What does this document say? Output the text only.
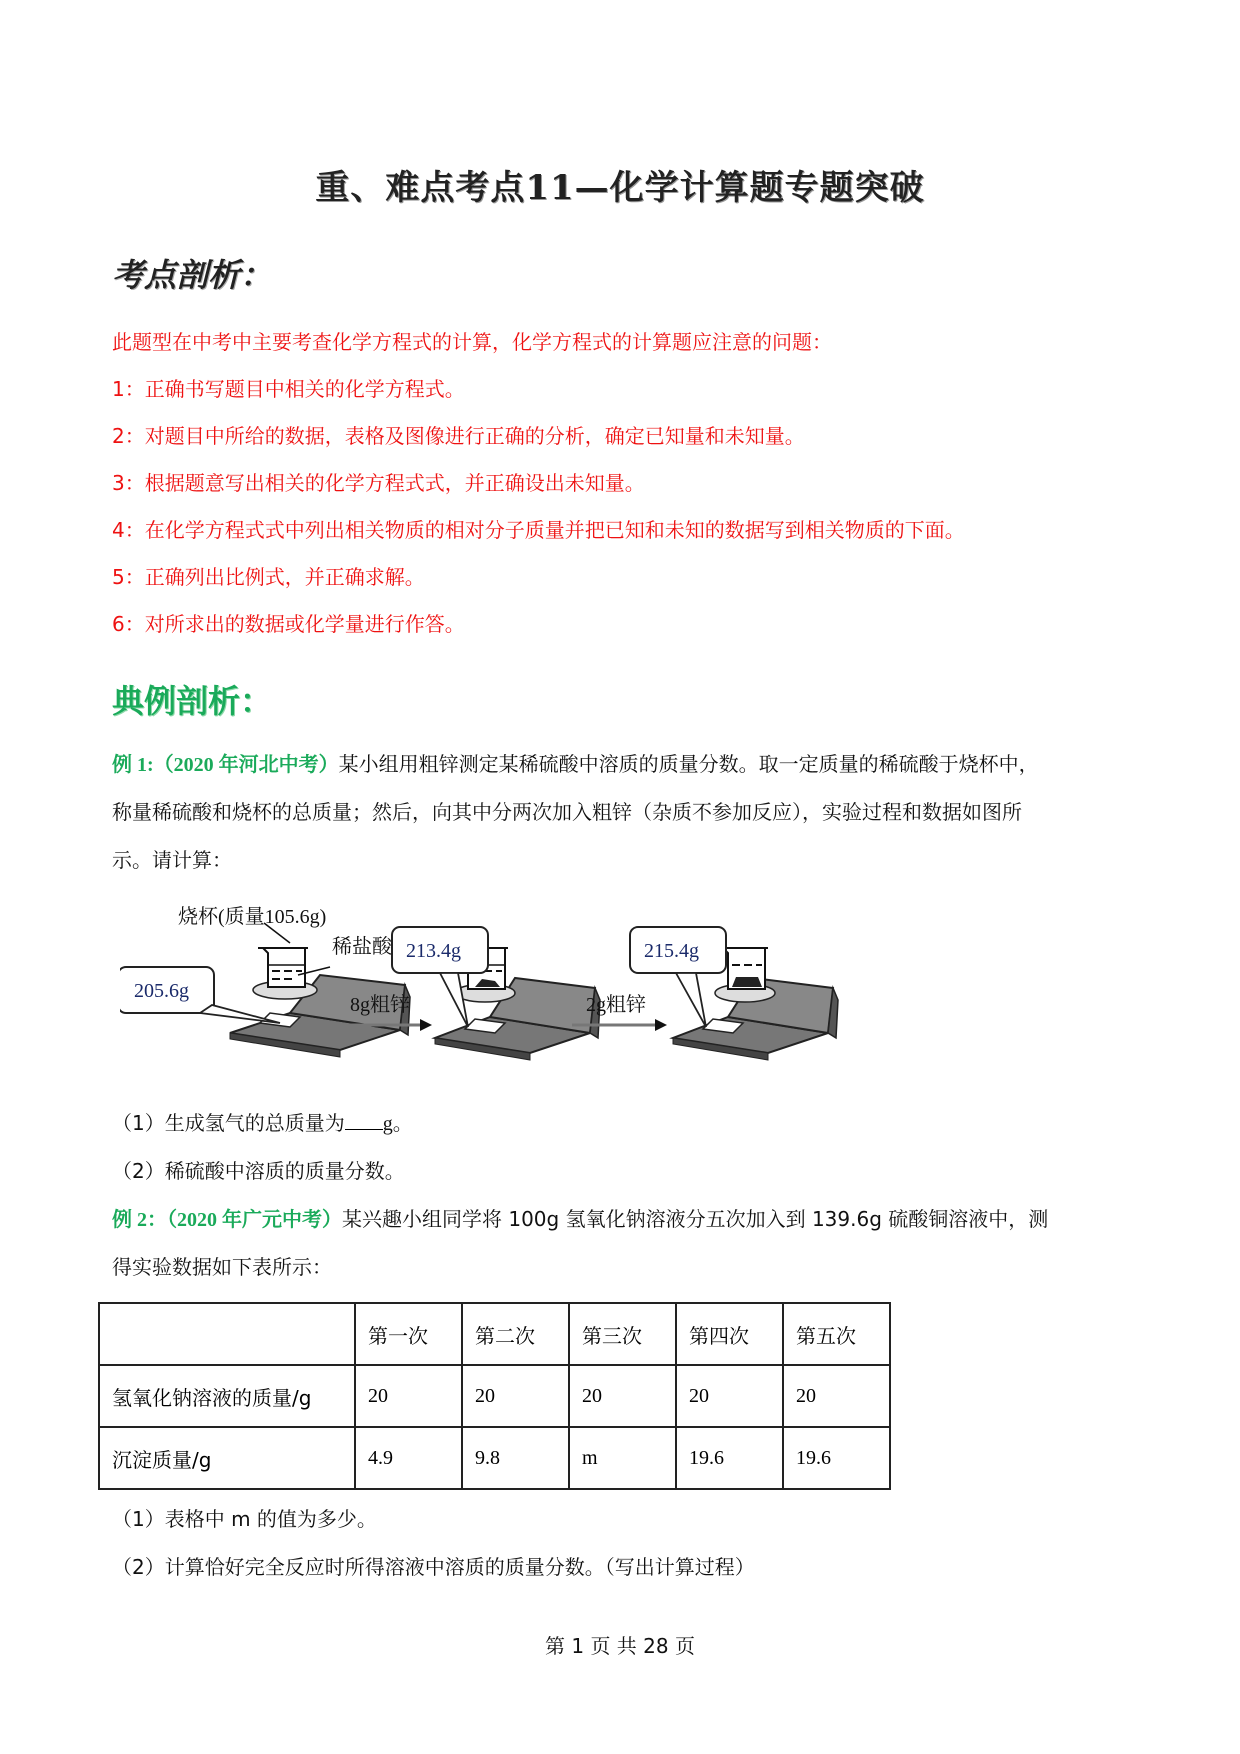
重、难点考点11—化学计算题专题突破
考点剖析：
此题型在中考中主要考查化学方程式的计算，化学方程式的计算题应注意的问题：
1：正确书写题目中相关的化学方程式。
2：对题目中所给的数据，表格及图像进行正确的分析，确定已知量和未知量。
3：根据题意写出相关的化学方程式式，并正确设出未知量。
4：在化学方程式式中列出相关物质的相对分子质量并把已知和未知的数据写到相关物质的下面。
5：正确列出比例式，并正确求解。
6：对所求出的数据或化学量进行作答。
典例剖析：
例 1:（2020 年河北中考）某小组用粗锌测定某稀硫酸中溶质的质量分数。取一定质量的稀硫酸于烧杯中，
称量稀硫酸和烧杯的总质量；然后，向其中分两次加入粗锌（杂质不参加反应），实验过程和数据如图所
示。请计算：
烧杯(质量105.6g)
稀盐酸
205.6g
8g粗锌
213.4g
2g粗锌
215.4g
（1）生成氢气的总质量为 g。
（2）稀硫酸中溶质的质量分数。
例 2：（2020 年广元中考）某兴趣小组同学将 100g 氢氧化钠溶液分五次加入到 139.6g 硫酸铜溶液中，测
得实验数据如下表所示：
	第一次	第二次	第三次	第四次	第五次
氢氧化钠溶液的质量/g	20	20	20	20	20
沉淀质量/g	4.9	9.8	m	19.6	19.6
（1）表格中 m 的值为多少。
（2）计算恰好完全反应时所得溶液中溶质的质量分数。（写出计算过程）
第 1 页 共 28 页
